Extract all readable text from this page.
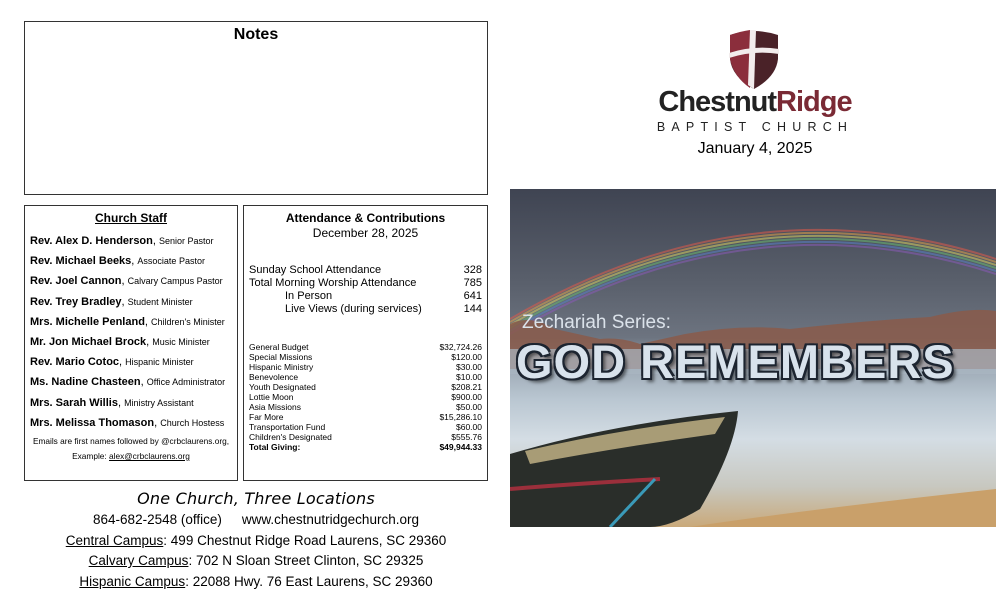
Notes
Church Staff
Rev. Alex D. Henderson, Senior Pastor
Rev. Michael Beeks, Associate Pastor
Rev. Joel Cannon, Calvary Campus Pastor
Rev. Trey Bradley, Student Minister
Mrs. Michelle Penland, Children's Minister
Mr. Jon Michael Brock, Music Minister
Rev. Mario Cotoc, Hispanic Minister
Ms. Nadine Chasteen, Office Administrator
Mrs. Sarah Willis, Ministry Assistant
Mrs. Melissa Thomason, Church Hostess
Emails are first names followed by @crbclaurens.org,
Example: alex@crbclaurens.org
Attendance & Contributions
December 28, 2025
Sunday School Attendance	328
Total Morning Worship Attendance	785
In Person	641
Live Views (during services)	144
General Budget	$32,724.26
Special Missions	$120.00
Hispanic Ministry	$30.00
Benevolence	$10.00
Youth Designated	$208.21
Lottie Moon	$900.00
Asia Missions	$50.00
Far More	$15,286.10
Transportation Fund	$60.00
Children's Designated	$555.76
Total Giving:	$49,944.33
One Church, Three Locations
864-682-2548 (office) www.chestnutridgechurch.org
Central Campus: 499 Chestnut Ridge Road Laurens, SC 29360
Calvary Campus: 702 N Sloan Street Clinton, SC 29325
Hispanic Campus: 22088 Hwy. 76 East Laurens, SC 29360
ChestnutRidge
BAPTIST CHURCH
January 4, 2025
Zechariah Series:
GOD REMEMBERS
